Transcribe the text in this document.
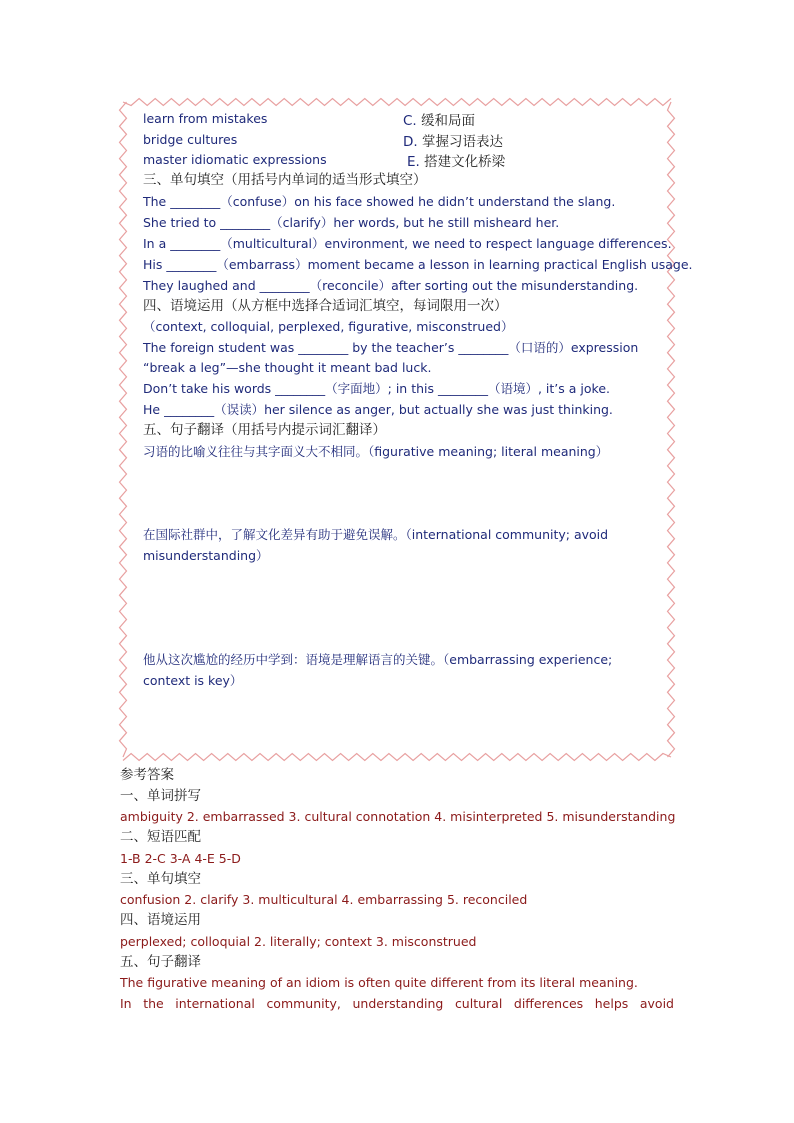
learn from mistakes	C. 缓和局面
bridge cultures	D. 掌握习语表达
master idiomatic expressions	E. 搭建文化桥梁
三、单句填空（用括号内单词的适当形式填空）
The ________（confuse）on his face showed he didn’t understand the slang.
She tried to ________（clarify）her words, but he still misheard her.
In a ________（multicultural）environment, we need to respect language differences.
His ________（embarrass）moment became a lesson in learning practical English usage.
They laughed and ________（reconcile）after sorting out the misunderstanding.
四、语境运用（从方框中选择合适词汇填空，每词限用一次）
（context, colloquial, perplexed, figurative, misconstrued）
The foreign student was ________ by the teacher’s ________（口语的）expression
“break a leg”—she thought it meant bad luck.
Don’t take his words ________（字面地）; in this ________（语境）, it’s a joke.
He ________（误读）her silence as anger, but actually she was just thinking.
五、句子翻译（用括号内提示词汇翻译）
习语的比喻义往往与其字面义大不相同。（figurative meaning; literal meaning）
在国际社群中，了解文化差异有助于避免误解。（international community; avoid
misunderstanding）
他从这次尴尬的经历中学到：语境是理解语言的关键。（embarrassing experience;
context is key）
参考答案
一、单词拼写
ambiguity 2. embarrassed 3. cultural connotation 4. misinterpreted 5. misunderstanding
二、短语匹配
1-B 2-C 3-A 4-E 5-D
三、单句填空
confusion 2. clarify 3. multicultural 4. embarrassing 5. reconciled
四、语境运用
perplexed; colloquial 2. literally; context 3. misconstrued
五、句子翻译
The figurative meaning of an idiom is often quite different from its literal meaning.
In the international community, understanding cultural differences helps avoid
